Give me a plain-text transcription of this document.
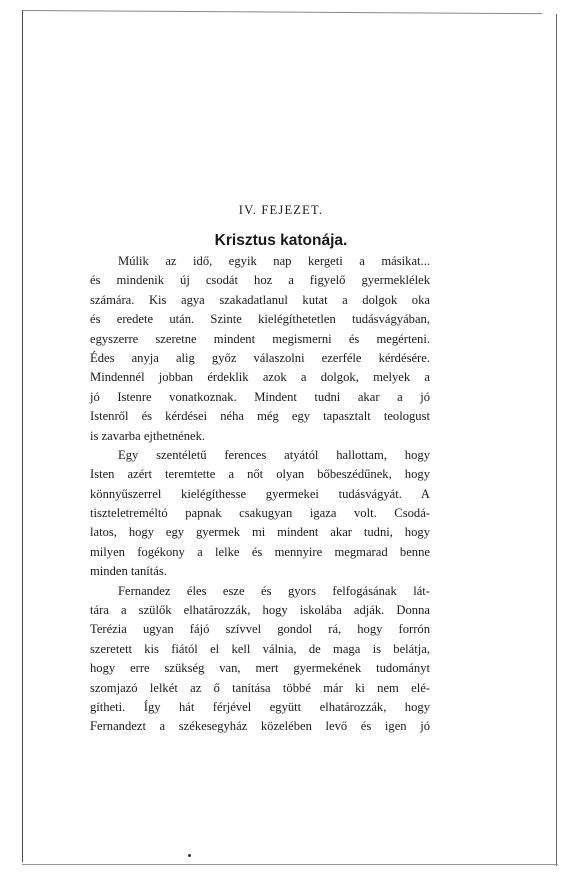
IV. FEJEZET.
Krisztus katonája.
Múlik az idő, egyik nap kergeti a másikat...
és mindenik új csodát hoz a figyelő gyermeklélek
számára. Kis agya szakadatlanul kutat a dolgok oka
és eredete után. Szinte kielégíthetetlen tudásvágyában,
egyszerre szeretne mindent megismerni és megérteni.
Édes anyja alig győz válaszolni ezerféle kérdésére.
Mindennél jobban érdeklik azok a dolgok, melyek a
jó Istenre vonatkoznak. Mindent tudni akar a jó
Istenről és kérdései néha még egy tapasztalt teologust
is zavarba ejthetnének.
Egy szentéletű ferences atyától hallottam, hogy
Isten azért teremtette a nőt olyan bőbeszédűnek, hogy
könnyűszerrel kielégíthesse gyermekei tudásvágyát. A
tiszteletreméltó papnak csakugyan igaza volt. Csodá-
latos, hogy egy gyermek mi mindent akar tudni, hogy
milyen fogékony a lelke és mennyire megmarad benne
minden tanítás.
Fernandez éles esze és gyors felfogásának lát-
tára a szülők elhatározzák, hogy iskolába adják. Donna
Terézia ugyan fájó szívvel gondol rá, hogy forrón
szeretett kis fiától el kell válnia, de maga is belátja,
hogy erre szükség van, mert gyermekének tudományt
szomjazó lelkét az ő tanítása többé már ki nem elé-
gítheti. Így hát férjével együtt elhatározzák, hogy
Fernandezt a székesegyház közelében levő és igen jó
